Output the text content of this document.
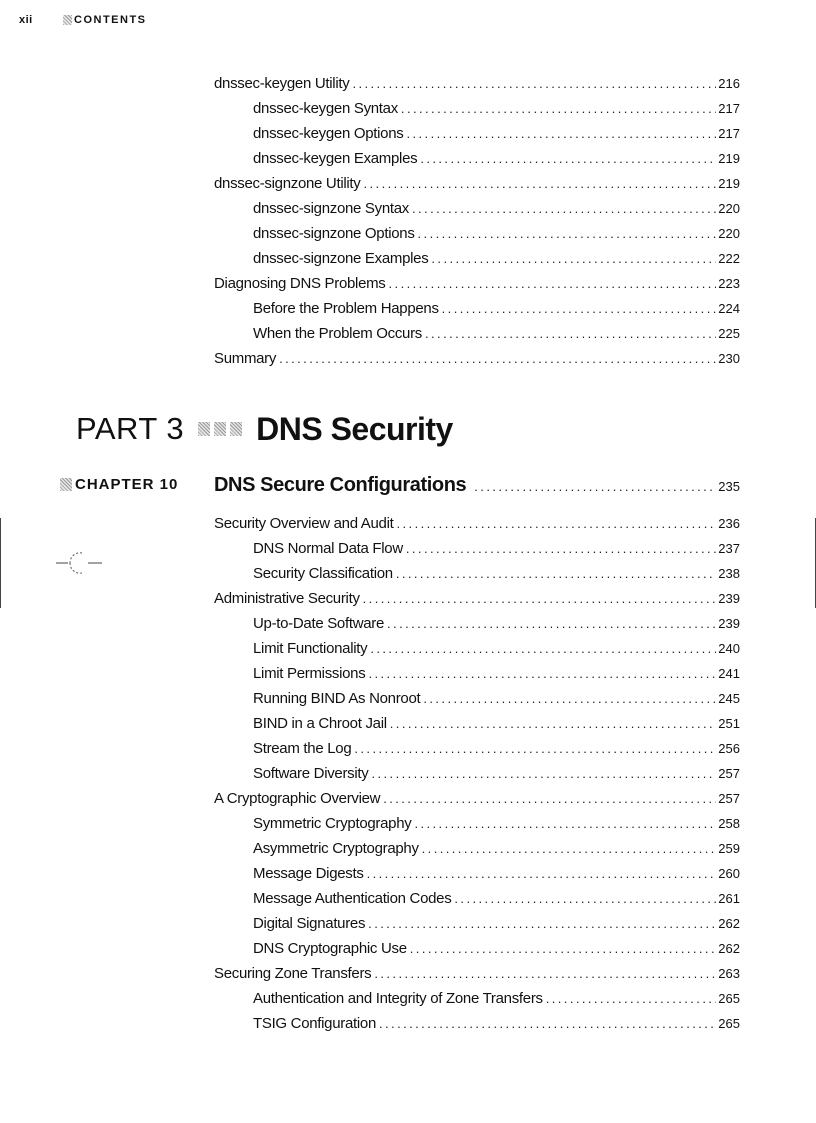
xii	CONTENTS
dnssec-keygen Utility . . .	216
dnssec-keygen Syntax . . .	217
dnssec-keygen Options . . .	217
dnssec-keygen Examples . . .	219
dnssec-signzone Utility . . .	219
dnssec-signzone Syntax . . .	220
dnssec-signzone Options . . .	220
dnssec-signzone Examples . . .	222
Diagnosing DNS Problems . . .	223
Before the Problem Happens . . .	224
When the Problem Occurs . . .	225
Summary . . .	230
PART 3 DNS Security
CHAPTER 10 DNS Secure Configurations . . .	235
Security Overview and Audit . . .	236
DNS Normal Data Flow . . .	237
Security Classification . . .	238
Administrative Security . . .	239
Up-to-Date Software . . .	239
Limit Functionality . . .	240
Limit Permissions . . .	241
Running BIND As Nonroot . . .	245
BIND in a Chroot Jail . . .	251
Stream the Log . . .	256
Software Diversity . . .	257
A Cryptographic Overview . . .	257
Symmetric Cryptography . . .	258
Asymmetric Cryptography . . .	259
Message Digests . . .	260
Message Authentication Codes . . .	261
Digital Signatures . . .	262
DNS Cryptographic Use . . .	262
Securing Zone Transfers . . .	263
Authentication and Integrity of Zone Transfers . . .	265
TSIG Configuration . . .	265
